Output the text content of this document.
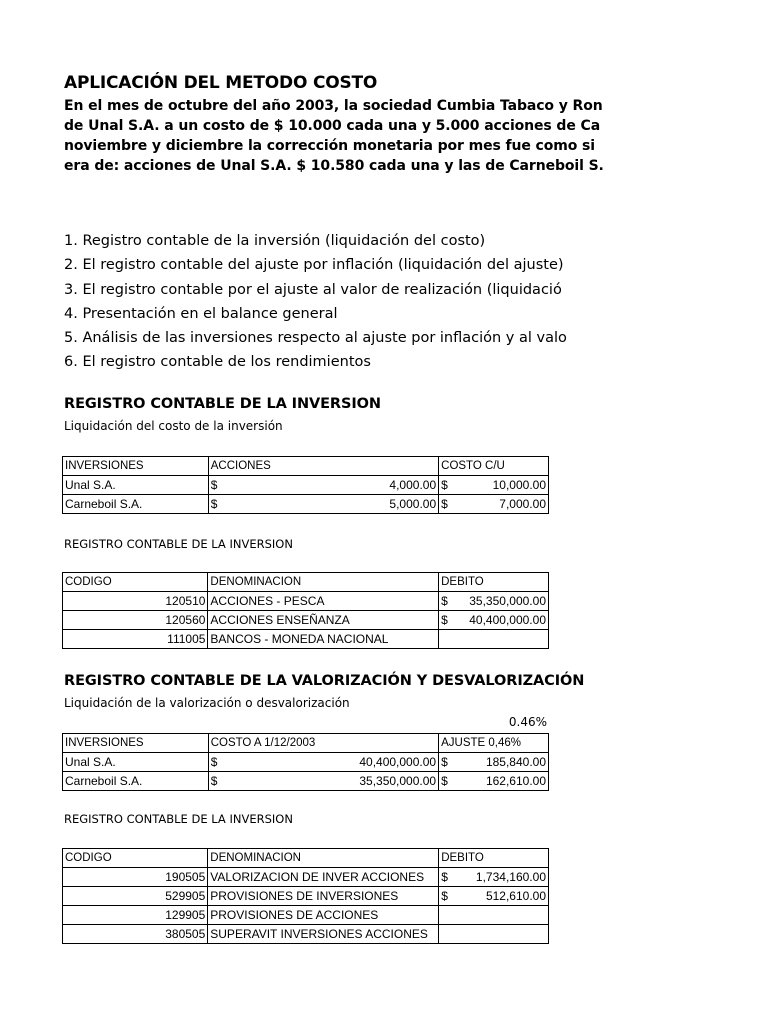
APLICACIÓN DEL METODO COSTO
En el mes de octubre del año 2003, la sociedad Cumbia Tabaco y Ron
de Unal S.A. a un costo de $ 10.000 cada una y 5.000 acciones de Ca
noviembre y diciembre la corrección monetaria por mes fue como si
era de: acciones de Unal S.A. $ 10.580 cada una y las de Carneboil S.
1. Registro contable de la inversión (liquidación del costo)
2. El registro contable del ajuste por inflación (liquidación del ajuste)
3. El registro contable por el ajuste al valor de realización (liquidació
4. Presentación en el balance general
5. Análisis de las inversiones respecto al ajuste por inflación y al valo
6. El registro contable de los rendimientos
REGISTRO CONTABLE DE LA INVERSION
Liquidación del costo de la inversión
INVERSIONES	ACCIONES	COSTO C/U
Unal S.A.	$ 4,000.00	$ 10,000.00

Carneboil S.A.	$ 5,000.00	$ 7,000.00
REGISTRO CONTABLE DE LA INVERSION
CODIGO	DENOMINACION	DEBITO
120510	ACCIONES - PESCA	$ 35,350,000.00

120560	ACCIONES ENSEÑANZA	$ 40,400,000.00

111005	BANCOS - MONEDA NACIONAL	
REGISTRO CONTABLE DE LA VALORIZACIÓN Y DESVALORIZACIÓN
Liquidación de la valorización o desvalorización
0.46%
INVERSIONES	COSTO A 1/12/2003	AJUSTE 0,46%
Unal S.A.	$ 40,400,000.00	$ 185,840.00

Carneboil S.A.	$ 35,350,000.00	$ 162,610.00
REGISTRO CONTABLE DE LA INVERSION
CODIGO	DENOMINACION	DEBITO
190505	VALORIZACION DE INVER ACCIONES	$ 1,734,160.00

529905	PROVISIONES DE INVERSIONES	$ 512,610.00

129905	PROVISIONES DE ACCIONES	

380505	SUPERAVIT INVERSIONES ACCIONES	
